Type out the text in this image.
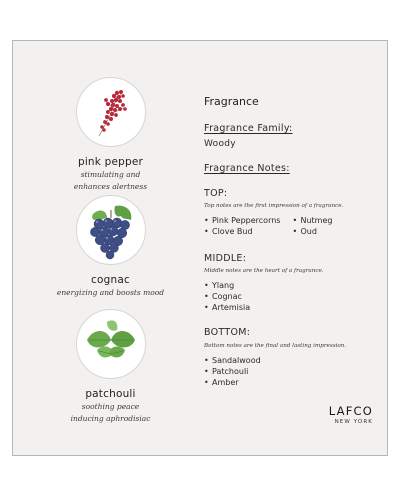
pink pepper
stimulating and
enhances alertness
cognac
energizing and boosts mood
patchouli
soothing peace
inducing aphrodisiac
Fragrance
Fragrance Family:
Woody
Fragrance Notes:
TOP:
Top notes are the first impression of a fragrance.
• Pink Peppercorns
• Clove Bud
• Nutmeg
• Oud
MIDDLE:
Middle notes are the heart of a fragrance.
• Ylang
• Cognac
• Artemisia
BOTTOM:
Bottom notes are the final and lasting impression.
• Sandalwood
• Patchouli
• Amber
LAFCO
NEW YORK
